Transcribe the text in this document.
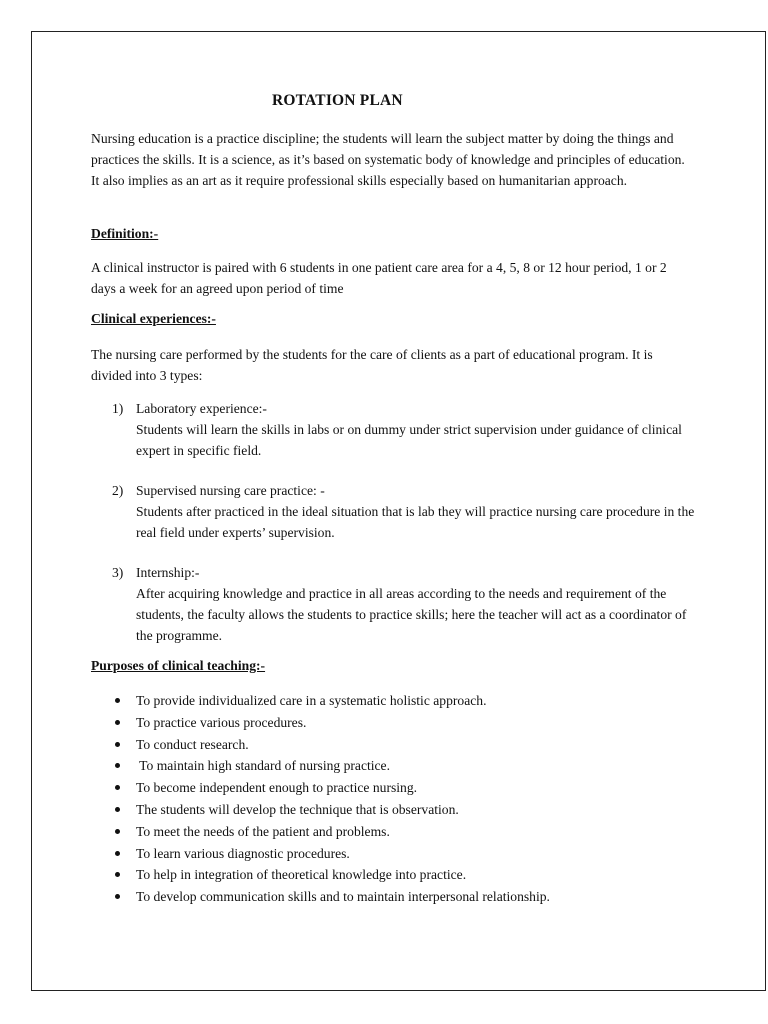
ROTATION PLAN

Nursing education is a practice discipline; the students will learn the subject matter by doing the things and practices the skills. It is a science, as it’s based on systematic body of knowledge and principles of education. It also implies as an art as it require professional skills especially based on humanitarian approach.

Definition:-

A clinical instructor is paired with 6 students in one patient care area for a 4, 5, 8 or 12 hour period, 1 or 2 days a week for an agreed upon period of time

Clinical experiences:-

The nursing care performed by the students for the care of clients as a part of educational program. It is divided into 3 types:

1) Laboratory experience:-
Students will learn the skills in labs or on dummy under strict supervision under guidance of clinical expert in specific field.
2) Supervised nursing care practice: -
Students after practiced in the ideal situation that is lab they will practice nursing care procedure in the real field under experts’ supervision.
3) Internship:-
After acquiring knowledge and practice in all areas according to the needs and requirement of the students, the faculty allows the students to practice skills; here the teacher will act as a coordinator of the programme.

Purposes of clinical teaching:-

To provide individualized care in a systematic holistic approach.
To practice various procedures.
To conduct research.
To maintain high standard of nursing practice.
To become independent enough to practice nursing.
The students will develop the technique that is observation.
To meet the needs of the patient and problems.
To learn various diagnostic procedures.
To help in integration of theoretical knowledge into practice.
To develop communication skills and to maintain interpersonal relationship.
